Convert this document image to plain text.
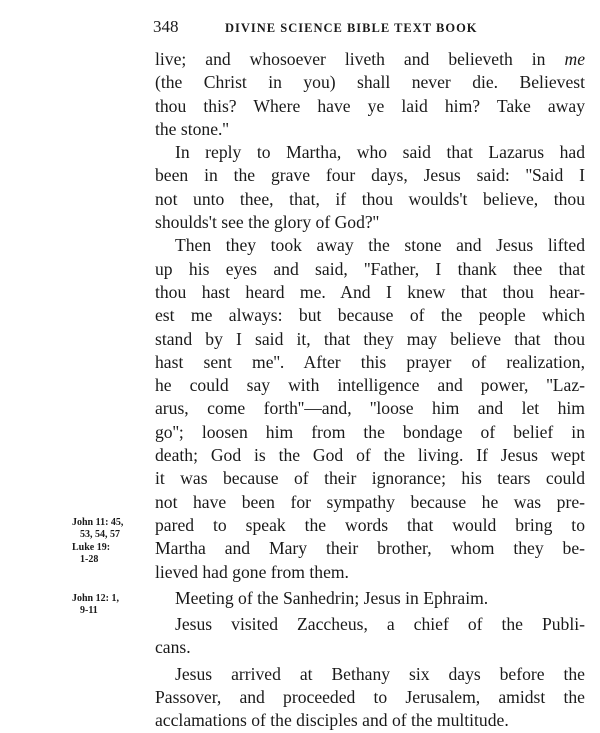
348	DIVINE SCIENCE BIBLE TEXT BOOK
live; and whosoever liveth and believeth in me
(the Christ in you) shall never die. Believest
thou this? Where have ye laid him? Take away
the stone.''
In reply to Martha, who said that Lazarus had
been in the grave four days, Jesus said: ''Said I
not unto thee, that, if thou woulds't believe, thou
shoulds't see the glory of God?''
Then they took away the stone and Jesus lifted
up his eyes and said, ''Father, I thank thee that
thou hast heard me. And I knew that thou hear-
est me always: but because of the people which
stand by I said it, that they may believe that thou
hast sent me''. After this prayer of realization,
he could say with intelligence and power, ''Laz-
arus, come forth''—and, ''loose him and let him
go''; loosen him from the bondage of belief in
death; God is the God of the living. If Jesus wept
it was because of their ignorance; his tears could
not have been for sympathy because he was pre-
pared to speak the words that would bring to
Martha and Mary their brother, whom they be-
lieved had gone from them.
Meeting of the Sanhedrin; Jesus in Ephraim.
Jesus visited Zaccheus, a chief of the Publi-
cans.
Jesus arrived at Bethany six days before the
Passover, and proceeded to Jerusalem, amidst the
acclamations of the disciples and of the multitude.
John 11: 45,
53, 54, 57
Luke 19:
1-28
John 12: 1,
9-11
